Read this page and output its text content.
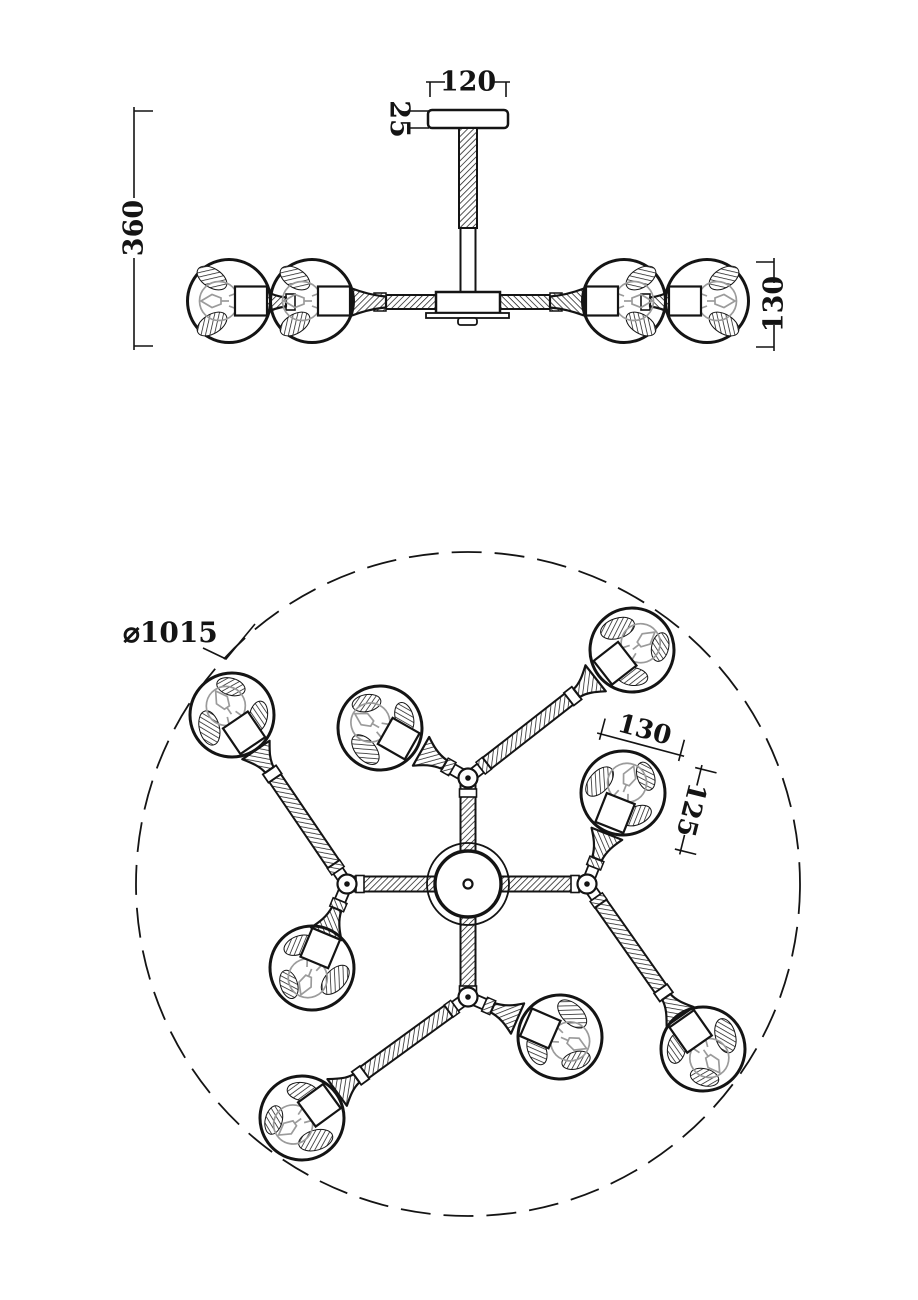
120
25
360
130
⌀1015
130
125
